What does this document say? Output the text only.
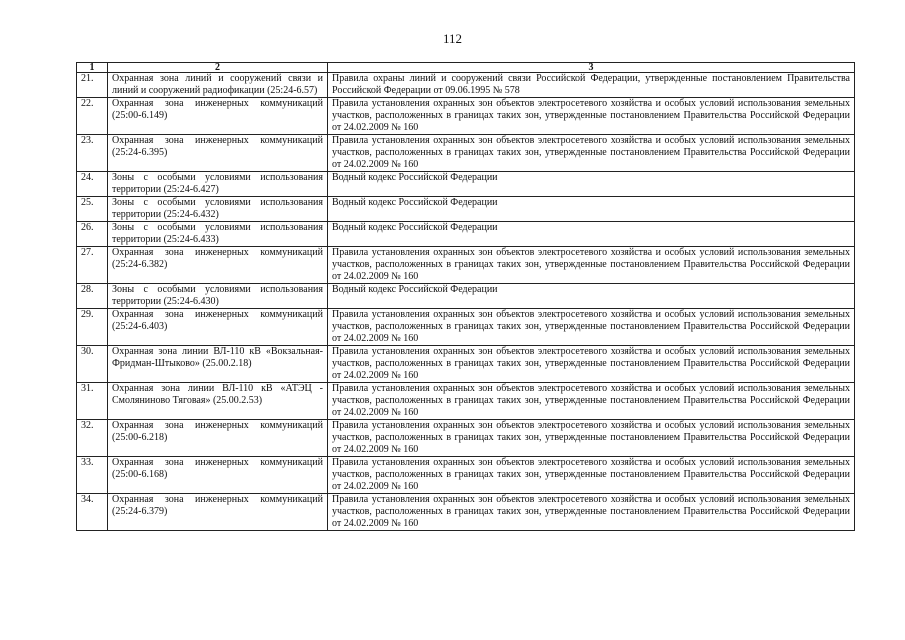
112
1	2	3
21.	Охранная зона линий и сооружений связи и линий и сооружений радиофикации (25:24-6.57)	Правила охраны линий и сооружений связи Российской Федерации, утвержденные постановлением Правительства Российской Федерации от 09.06.1995 № 578
22.	Охранная зона инженерных коммуникаций (25:00-6.149)	Правила установления охранных зон объектов электросетевого хозяйства и особых условий использования земельных участков, расположенных в границах таких зон, утвержденные постановлением Правительства Российской Федерации от 24.02.2009 № 160
23.	Охранная зона инженерных коммуникаций (25:24-6.395)	Правила установления охранных зон объектов электросетевого хозяйства и особых условий использования земельных участков, расположенных в границах таких зон, утвержденные постановлением Правительства Российской Федерации от 24.02.2009 № 160
24.	Зоны с особыми условиями использования территории (25:24-6.427)	Водный кодекс Российской Федерации
25.	Зоны с особыми условиями использования территории (25:24-6.432)	Водный кодекс Российской Федерации
26.	Зоны с особыми условиями использования территории (25:24-6.433)	Водный кодекс Российской Федерации
27.	Охранная зона инженерных коммуникаций (25:24-6.382)	Правила установления охранных зон объектов электросетевого хозяйства и особых условий использования земельных участков, расположенных в границах таких зон, утвержденные постановлением Правительства Российской Федерации от 24.02.2009 № 160
28.	Зоны с особыми условиями использования территории (25:24-6.430)	Водный кодекс Российской Федерации
29.	Охранная зона инженерных коммуникаций (25:24-6.403)	Правила установления охранных зон объектов электросетевого хозяйства и особых условий использования земельных участков, расположенных в границах таких зон, утвержденные постановлением Правительства Российской Федерации от 24.02.2009 № 160
30.	Охранная зона линии ВЛ-110 кВ «Вокзальная-Фридман-Штыково» (25.00.2.18)	Правила установления охранных зон объектов электросетевого хозяйства и особых условий использования земельных участков, расположенных в границах таких зон, утвержденные постановлением Правительства Российской Федерации от 24.02.2009 № 160
31.	Охранная зона линии ВЛ-110 кВ «АТЭЦ - Смоляниново Тяговая» (25.00.2.53)	Правила установления охранных зон объектов электросетевого хозяйства и особых условий использования земельных участков, расположенных в границах таких зон, утвержденные постановлением Правительства Российской Федерации от 24.02.2009 № 160
32.	Охранная зона инженерных коммуникаций (25:00-6.218)	Правила установления охранных зон объектов электросетевого хозяйства и особых условий использования земельных участков, расположенных в границах таких зон, утвержденные постановлением Правительства Российской Федерации от 24.02.2009 № 160
33.	Охранная зона инженерных коммуникаций (25:00-6.168)	Правила установления охранных зон объектов электросетевого хозяйства и особых условий использования земельных участков, расположенных в границах таких зон, утвержденные постановлением Правительства Российской Федерации от 24.02.2009 № 160
34.	Охранная зона инженерных коммуникаций (25:24-6.379)	Правила установления охранных зон объектов электросетевого хозяйства и особых условий использования земельных участков, расположенных в границах таких зон, утвержденные постановлением Правительства Российской Федерации от 24.02.2009 № 160
